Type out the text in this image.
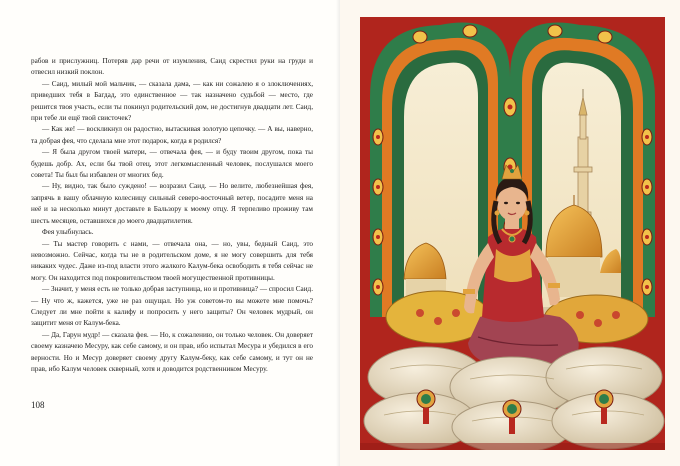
рабов и прислужниц. Потеряв дар речи от изумления, Саид скрестил руки на груди и отвесил низкий поклон.

— Саид, милый мой мальчик, — сказала дама, — как ни сожалею я о злоключениях, приведших тебя в Багдад, это единственное — так назначено судьбой — место, где решится твоя участь, если ты покинул родительский дом, не достигнув двадцати лет. Саид, при тебе ли ещё твой свисточек?

— Как же! — воскликнул он радостно, вытаскивая золотую цепочку. — А вы, наверно, та добрая фея, что сделала мне этот подарок, когда я родился?

— Я была другом твоей матери, — отвечала фея, — и буду твоим другом, пока ты будешь добр. Ах, если бы твой отец, этот легкомысленный человек, послушался моего совета! Ты был бы избавлен от многих бед.

— Ну, видно, так было суждено! — возразил Саид. — Но велите, любезнейшая фея, запрячь в вашу облачную колесницу сильный северо-восточный ветер, посадите меня на неё и за несколько минут доставьте в Бальзору к моему отцу. Я терпеливо проживу там шесть месяцев, оставшихся до моего двадцатилетия.

Фея улыбнулась.

— Ты мастер говорить с нами, — отвечала она, — но, увы, бедный Саид, это невозможно. Сейчас, когда ты не в родительском доме, я не могу совершить для тебя никаких чудес. Даже из-под власти этого жалкого Калум-бека освободить я тебя сейчас не могу. Он находится под покровительством твоей могущественной противницы.

— Значит, у меня есть не только добрая заступница, но и противница? — спросил Саид. — Ну что ж, кажется, уже не раз ощущал. Но уж советом-то вы можете мне помочь? Следует ли мне пойти к калифу и попросить у него защиты? Он человек мудрый, он защитит меня от Калум-бека.

— Да, Гарун мудр! — сказала фея. — Но, к сожалению, он только человек. Он доверяет своему казначею Месуру, как себе самому, и он прав, ибо испытал Месура и убедился в его верности. Но и Месур доверяет своему другу Калум-беку, как себе самому, и тут он не прав, ибо Калум человек скверный, хотя и доводится родственником Месуру.

108
